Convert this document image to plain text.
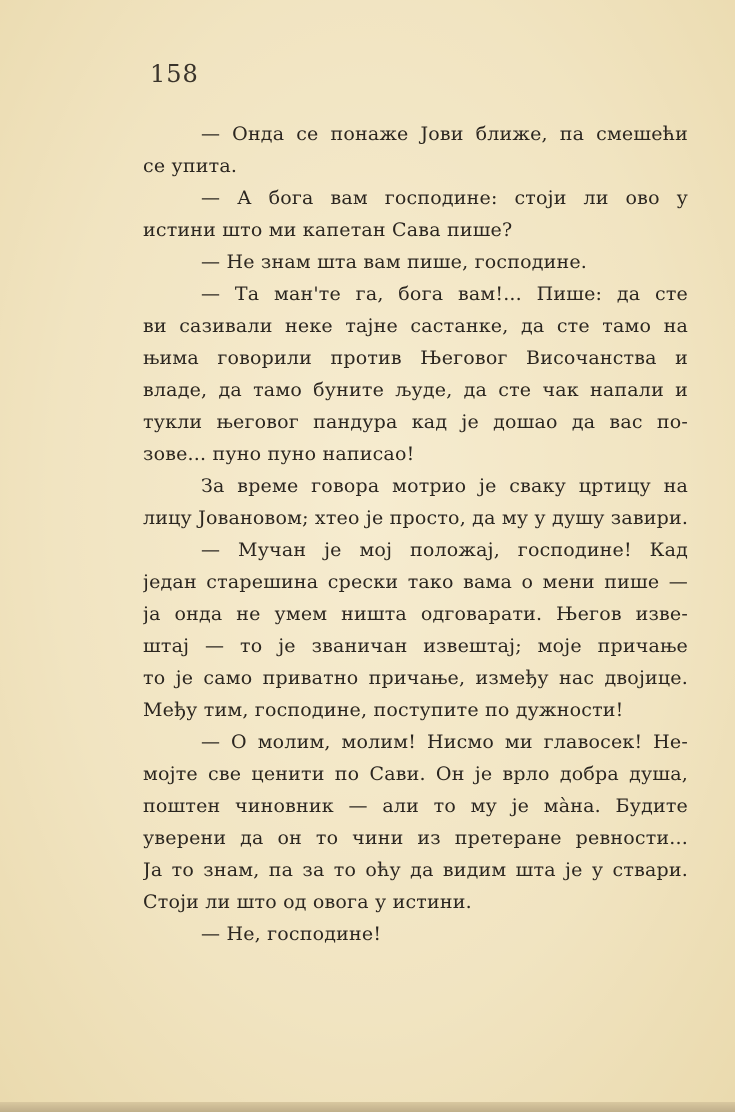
158
— Онда се понаже Јови ближе, па смешећи
се упита.
— А бога вам господине: стоји ли ово у
истини што ми капетан Сава пише?
— Не знам шта вам пише, господине.
— Та ман'те га, бога вам!... Пише: да сте
ви сазивали неке тајне састанке, да сте тамо на
њима говорили против Његовог Височанства и
владе, да тамо буните људе, да сте чак напали и
тукли његовог пандура кад је дошао да вас по-
зове... пуно пуно написао!
За време говора мотрио је сваку цртицу на
лицу Јовановом; хтео је просто, да му у душу завири.
— Мучан је мој положај, господине! Кад
један старешина срески тако вама о мени пише —
ја онда не умем ништа одговарати. Његов изве-
штај — то је званичан извештај; моје причање
то је само приватно причање, између нас двојице.
Међу тим, господине, поступите по дужности!
— О молим, молим! Нисмо ми главосек! Не-
мојте све ценити по Сави. Он је врло добра душа,
поштен чиновник — али то му је мàна. Будите
уверени да он то чини из претеране ревности...
Ја то знам, па за то оћу да видим шта је у ствари.
Стоји ли што од овога у истини.
— Не, господине!
